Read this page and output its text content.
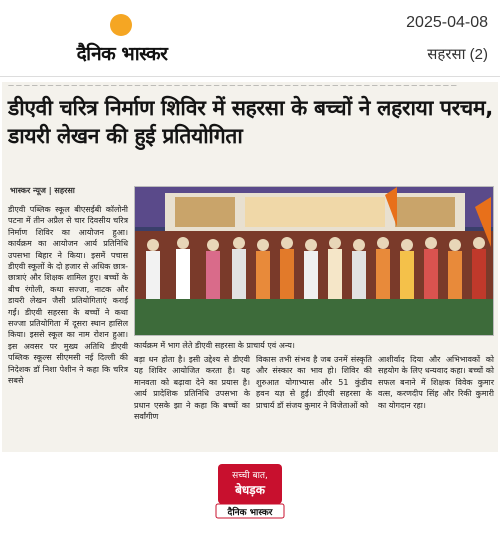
दैनिक भास्कर
2025-04-08
सहरसा (2)
— — — — — — — — — — — — — — — — — — — — — — — — — — — — — — — — — — — — — — — — — — — — — — — — — — — — — — — — —
डीएवी चरित्र निर्माण शिविर में सहरसा के बच्चों ने लहराया परचम, डायरी लेखन की हुई प्रतियोगिता
भास्कर न्यूज | सहरसा
डीएवी पब्लिक स्कूल बीएसईबी कॉलोनी पटना में तीन अप्रैल से चार दिवसीय चरित्र निर्माण शिविर का आयोजन हुआ। कार्यक्रम का आयोजन आर्य प्रतिनिधि उपसभा बिहार ने किया। इसमें पचास डीएवी स्कूलों के दो हजार से अधिक छात्र-छात्राएं और शिक्षक शामिल हुए। बच्चों के बीच रंगोली, कथा सज्जा, नाटक और डायरी लेखन जैसी प्रतियोगिताएं कराई गईं। डीएवी सहरसा के बच्चों ने कथा सज्जा प्रतियोगिता में दूसरा स्थान हासिल किया। इससे स्कूल का नाम रोशन हुआ। इस अवसर पर मुख्य अतिथि डीएवी पब्लिक स्कूल्स सीएमसी नई दिल्ली की निदेशक डॉ निशा पेशीन ने कहा कि चरित्र सबसे
कार्यक्रम में भाग लेते डीएवी सहरसा के प्राचार्य एवं अन्य।
बड़ा धन होता है। इसी उद्देश्य से डीएवी यह शिविर आयोजित करता है। यह मानवता को बढ़ावा देने का प्रयास है। आर्य प्रादेशिक प्रतिनिधि उपसभा के प्रधान एसके झा ने कहा कि बच्चों का सर्वांगीण
विकास तभी संभव है जब उनमें संस्कृति और संस्कार का भाव हो। शिविर की शुरुआत योगाभ्यास और 51 कुंडीय हवन यज्ञ से हुई। डीएवी सहरसा के प्राचार्य डॉ संजय कुमार ने विजेताओं को
आशीर्वाद दिया और अभिभावकों को सहयोग के लिए धन्यवाद कहा। बच्चों को सफल बनाने में शिक्षक विवेक कुमार वत्स, करणदीप सिंह और रिकी कुमारी का योगदान रहा।
सच्ची बात,
बेधड़क
दैनिक भास्कर
